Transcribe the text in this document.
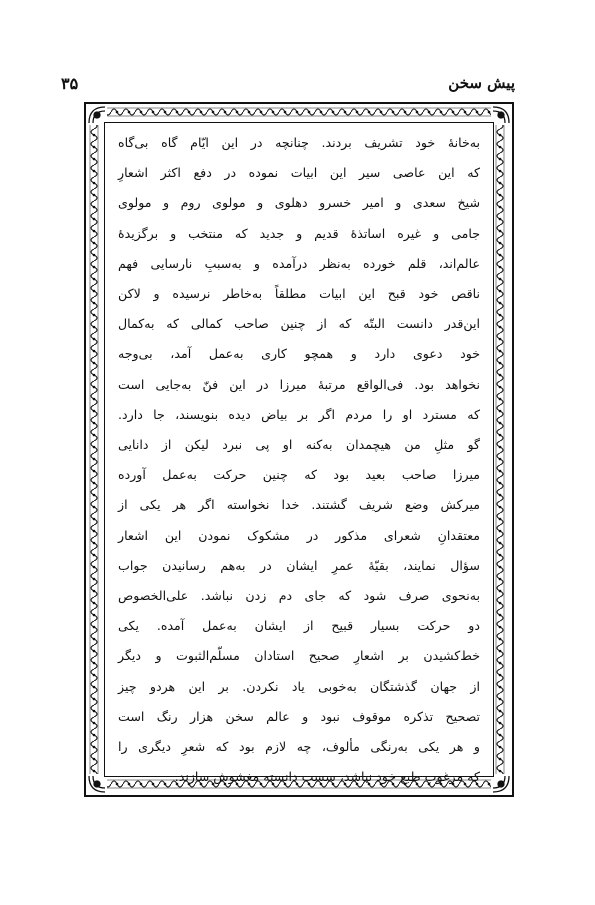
۳۵	پیش سخن
به‌خانهٔ خود تشریف بردند. چنانچه در این ایّام گاه بی‌گاه
که این عاصی سیر این ابیات نموده در دفع اکثر اشعارِ
شیخ سعدی و امیر خسرو دهلوی و مولوی روم و مولوی
جامی و غیره اساتذهٔ قدیم و جدید که منتخب و برگزیدهٔ
عالم‌اند، قلم خورده به‌نظر درآمده و به‌سببِ نارسایی فهم
ناقص خود قبح این ابیات مطلقاً به‌خاطر نرسیده و لاکن
این‌قدر دانست البتّه که از چنین صاحب کمالی که به‌کمال
خود دعوی دارد و همچو کاری به‌عمل آمد، بی‌وجه
نخواهد بود. فی‌الواقع مرتبهٔ میرزا در این فنّ به‌جایی است
که مسترد او را مردم اگر بر بیاض دیده بنویسند، جا دارد.
گو مثلِ من هیچمدان به‌کنه او پی نبرد لیکن از دانایی
میرزا صاحب بعید بود که چنین حرکت به‌عمل آورده
میرکش وضع شریف گشتند. خدا نخواسته اگر هر یکی از
معتقدانِ شعرای مذکور در مشکوک نمودن این اشعار
سؤال نمایند، بقیّهٔ عمرِ ایشان در به‌هم رسانیدن جواب
به‌نحوی صرف شود که جای دم زدن نباشد. علی‌الخصوص
دو حرکت بسیار قبیح از ایشان به‌عمل آمده. یکی
خط‌کشیدن بر اشعارِ صحیح استادان مسلّم‌الثبوت و دیگر
از جهان گذشتگان به‌خوبی یاد نکردن. بر این هردو چیز
تصحیح تذکره موقوف نبود و عالم سخن هزار رنگ است
و هر یکی به‌رنگی مألوف، چه لازم بود که شعرِ دیگری را
که مرغوب طبع خود نباشد، سست دانسته مغشوش سازند.
